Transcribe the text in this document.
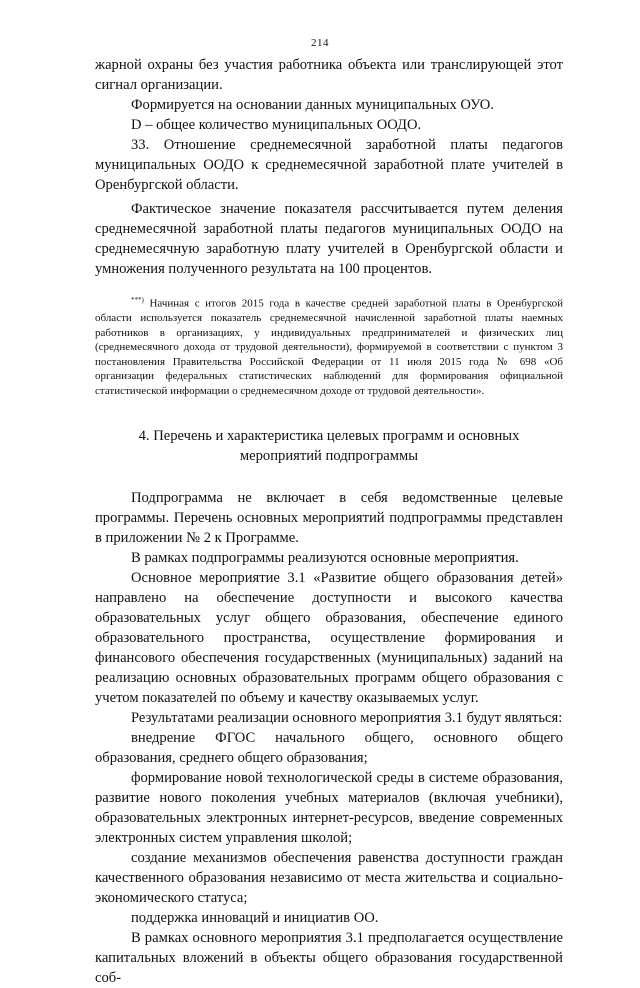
214

жарной охраны без участия работника объекта или транслирующей этот сигнал организации.

Формируется на основании данных муниципальных ОУО.

D – общее количество муниципальных ООДО.

33. Отношение среднемесячной заработной платы педагогов муниципальных ООДО к среднемесячной заработной плате учителей в Оренбургской области.

Фактическое значение показателя рассчитывается путем деления среднемесячной заработной платы педагогов муниципальных ООДО на среднемесячную заработную плату учителей в Оренбургской области и умножения полученного результата на 100 процентов.

***) Начиная с итогов 2015 года в качестве средней заработной платы в Оренбургской области используется показатель среднемесячной начисленной заработной платы наемных работников в организациях, у индивидуальных предпринимателей и физических лиц (среднемесячного дохода от трудовой деятельности), формируемой в соответствии с пунктом 3 постановления Правительства Российской Федерации от 11 июля 2015 года № 698 «Об организации федеральных статистических наблюдений для формирования официальной статистической информации о среднемесячном доходе от трудовой деятельности».

4. Перечень и характеристика целевых программ и основных мероприятий подпрограммы

Подпрограмма не включает в себя ведомственные целевые программы. Перечень основных мероприятий подпрограммы представлен в приложении № 2 к Программе.

В рамках подпрограммы реализуются основные мероприятия.

Основное мероприятие 3.1 «Развитие общего образования детей» направлено на обеспечение доступности и высокого качества образовательных услуг общего образования, обеспечение единого образовательного пространства, осуществление формирования и финансового обеспечения государственных (муниципальных) заданий на реализацию основных образовательных программ общего образования с учетом показателей по объему и качеству оказываемых услуг.

Результатами реализации основного мероприятия 3.1 будут являться:

внедрение ФГОС начального общего, основного общего образования, среднего общего образования;

формирование новой технологической среды в системе образования, развитие нового поколения учебных материалов (включая учебники), образовательных электронных интернет-ресурсов, введение современных электронных систем управления школой;

создание механизмов обеспечения равенства доступности граждан качественного образования независимо от места жительства и социально-экономического статуса;

поддержка инноваций и инициатив ОО.

В рамках основного мероприятия 3.1 предполагается осуществление капитальных вложений в объекты общего образования государственной соб-
